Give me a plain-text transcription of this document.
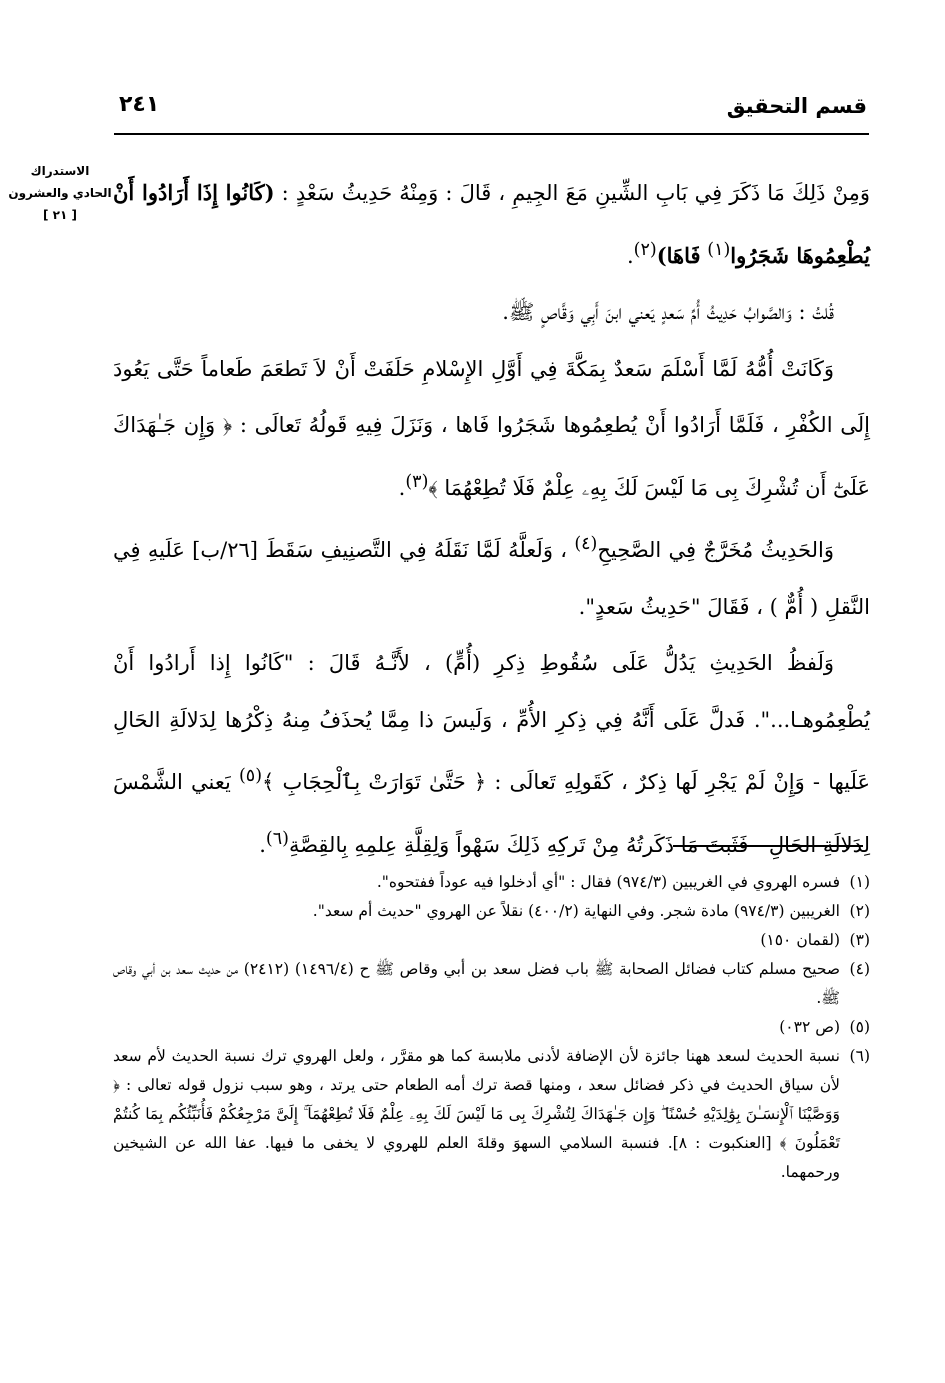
قسم التحقيق
٢٤١
الاستدراك
الحادي والعشرون
[ ٢١ ]

وَمِنْ ذَلِكَ مَا ذَكَرَ فِي بَابِ الشِّينِ مَعَ الجِيمِ ، قَالَ : وَمِنْهُ حَدِيثُ سَعْدٍ : (كَانُوا إِذَا أَرَادُوا أَنْ يُطْعِمُوهَا شَجَرُوا$^{(١)}$ فَاهَا)$^{(٢)}$.

قُلتُ : وَالصَّوابُ حَدِيثُ أُمِّ سَعدٍ يَعني ابنَ أَبِي وَقَّاصٍ ﷺ.

وَكَانَتْ أُمُّهُ لَمَّا أَسْلَمَ سَعدٌ بِمَكَّةَ فِي أَوَّلِ الإِسْلامِ حَلَفَتْ أَنْ لاَ تَطعَمَ طَعاماً حَتَّى يَعُودَ إِلَى الكُفْرِ ، فَلَمَّا أَرَادُوا أَنْ يُطعِمُوها شَجَرُوا فَاها ، وَنَزَلَ فِيهِ قَولُهُ تَعالَى : ﴿ وَإِن جَـٰهَدَاكَ عَلَىٰٓ أَن تُشْرِكَ بِى مَا لَيْسَ لَكَ بِهِۦ عِلْمٌ فَلَا تُطِعْهُمَا ﴾$^{(٣)}$.

وَالحَدِيثُ مُخَرَّجٌ فِي الصَّحِيحِ$^{(٤)}$ ، وَلَعلَّهُ لَمَّا نَقَلَهُ فِي التَّصنِيفِ سَقَطَ [٢٦/ب] عَلَيهِ فِي النَّقلِ ( أُمٌّ ) ، فَقَالَ "حَدِيثُ سَعدٍ".

وَلَفظُ الحَدِيثِ يَدُلُّ عَلَى سُقُوطِ ذِكرِ (أُمٍّ) ، لأَنَّـهُ قَالَ : "كَانُوا إِذا أَرادُوا أَنْ يُطْعِمُوهـا...". فَدلَّ عَلَى أَنَّهُ فِي ذِكرِ الأُمِّ ، وَلَيسَ ذا مِمَّا يُحذَفُ مِنهُ ذِكْرُها لِدَلالَةِ الحَالِ عَلَيها - وَإِنْ لَمْ يَجْرِ لَها ذِكرٌ ، كَقَولِهِ تَعالَى : ﴿ حَتَّىٰ تَوَارَتْ بِٱلْحِجَابِ ﴾$^{(٥)}$ يَعني الشَّمْسَ لِدَلالَةِ الحَالِ - فَثَبتَ مَا ذَكَرتُهُ مِنْ تَركِهِ ذَلِكَ سَهْواً وَلِقِلَّةِ عِلمِهِ بِالقِصَّةِ$^{(٦)}$.

(١)
فسره الهروي في الغريبين (٩٧٤/٣) فقال : "أي أدخلوا فيه عوداً ففتحوه".
(٢)
الغريبين (٩٧٤/٣) مادة شجر. وفي النهاية (٤٠٠/٢) نقلاً عن الهروي "حديث أم سعد".
(٣)
(لقمان ١٥٠)
(٤)
صحيح مسلم كتاب فضائل الصحابة ﷺ باب فضل سعد بن أبي وقاص ﷺ ح (١٤٩٦/٤) (٢٤١٢) من حديث سعد بن أبي وقاص ﷺ.
(٥)
(ص ٠٣٢)
(٦)
نسبة الحديث لسعد ههنا جائزة لأن الإضافة لأدنى ملابسة كما هو مقرَّر ، ولعل الهروي ترك نسبة الحديث لأم سعد لأن سياق الحديث في ذكر فضائل سعد ، ومنها قصة ترك أمه الطعام حتى يرتد ، وهو سبب نزول قوله تعالى : ﴿ وَوَصَّيْنَا ٱلْإِنسَـٰنَ بِوَٰلِدَيْهِ حُسْنًا ۖ وَإِن جَـٰهَدَاكَ لِتُشْرِكَ بِى مَا لَيْسَ لَكَ بِهِۦ عِلْمٌ فَلَا تُطِعْهُمَآ ۚ إِلَىَّ مَرْجِعُكُمْ فَأُنَبِّئُكُم بِمَا كُنتُمْ تَعْمَلُونَ ﴾ [العنكبوت : ٨]. فنسبة السلامي السهوَ وقلةَ العلم للهروي لا يخفى ما فيها. عفا الله عن الشيخين ورحمهما.
